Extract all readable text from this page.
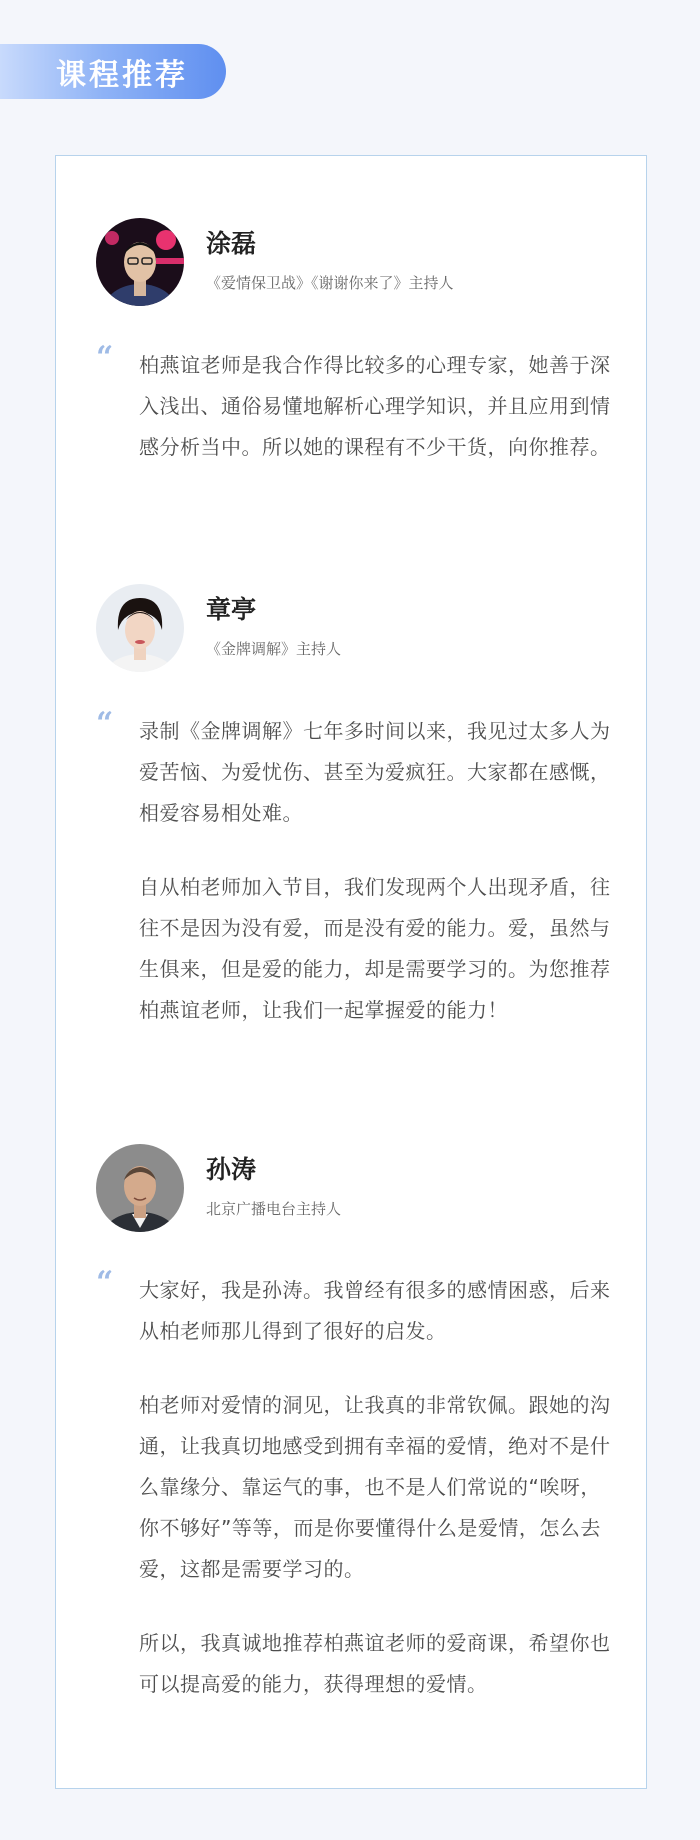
课程推荐
涂磊
《爱情保卫战》《谢谢你来了》主持人
“ 柏燕谊老师是我合作得比较多的心理专家，她善于深入浅出、通俗易懂地解析心理学知识，并且应用到情感分析当中。所以她的课程有不少干货，向你推荐。

章亭
《金牌调解》主持人
“ 录制《金牌调解》七年多时间以来，我见过太多人为爱苦恼、为爱忧伤、甚至为爱疯狂。大家都在感慨，相爱容易相处难。

自从柏老师加入节目，我们发现两个人出现矛盾，往往不是因为没有爱，而是没有爱的能力。爱，虽然与生俱来，但是爱的能力，却是需要学习的。为您推荐柏燕谊老师，让我们一起掌握爱的能力！

孙涛
北京广播电台主持人
“ 大家好，我是孙涛。我曾经有很多的感情困惑，后来从柏老师那儿得到了很好的启发。

柏老师对爱情的洞见，让我真的非常钦佩。跟她的沟通，让我真切地感受到拥有幸福的爱情，绝对不是什么靠缘分、靠运气的事，也不是人们常说的“唉呀，你不够好”等等，而是你要懂得什么是爱情，怎么去爱，这都是需要学习的。

所以，我真诚地推荐柏燕谊老师的爱商课，希望你也可以提高爱的能力，获得理想的爱情。
